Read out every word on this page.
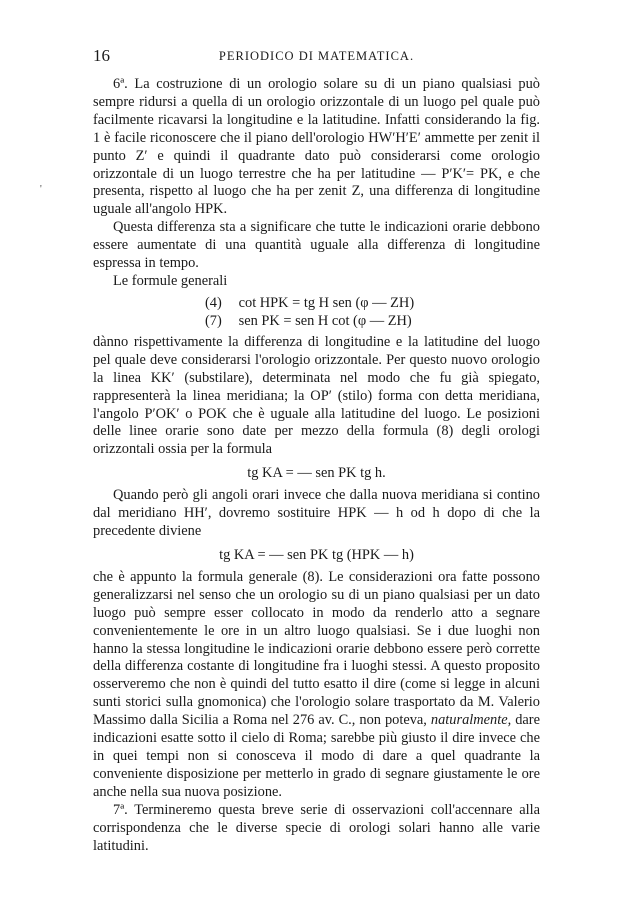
16	PERIODICO DI MATEMATICA.
'

6ª. La costruzione di un orologio solare su di un piano qualsiasi può sempre ridursi a quella di un orologio orizzontale di un luogo pel quale può facilmente ricavarsi la longitudine e la latitudine. Infatti considerando la fig. 1 è facile riconoscere che il piano dell'orologio HW′H′E′ ammette per zenit il punto Z′ e quindi il quadrante dato può considerarsi come orologio orizzontale di un luogo terrestre che ha per latitudine — P′K′= PK, e che presenta, rispetto al luogo che ha per zenit Z, una differenza di longitudine uguale all'angolo HPK.

Questa differenza sta a significare che tutte le indicazioni orarie debbono essere aumentate di una quantità uguale alla differenza di longitudine espressa in tempo.

Le formule generali

(4) cot HPK = tg H sen (φ — ZH)
(7) sen PK = sen H cot (φ — ZH)

dànno rispettivamente la differenza di longitudine e la latitudine del luogo pel quale deve considerarsi l'orologio orizzontale. Per questo nuovo orologio la linea KK′ (substilare), determinata nel modo che fu già spiegato, rappresenterà la linea meridiana; la OP′ (stilo) forma con detta meridiana, l'angolo P′OK′ o POK che è uguale alla latitudine del luogo. Le posizioni delle linee orarie sono date per mezzo della formula (8) degli orologi orizzontali ossia per la formula

tg KA = — sen PK tg h.

Quando però gli angoli orari invece che dalla nuova meridiana si contino dal meridiano HH′, dovremo sostituire HPK — h od h dopo di che la precedente diviene

tg KA = — sen PK tg (HPK — h)

che è appunto la formula generale (8). Le considerazioni ora fatte possono generalizzarsi nel senso che un orologio su di un piano qualsiasi per un dato luogo può sempre esser collocato in modo da renderlo atto a segnare convenientemente le ore in un altro luogo qualsiasi. Se i due luoghi non hanno la stessa longitudine le indicazioni orarie debbono essere però corrette della differenza costante di longitudine fra i luoghi stessi. A questo proposito osserveremo che non è quindi del tutto esatto il dire (come si legge in alcuni sunti storici sulla gnomonica) che l'orologio solare trasportato da M. Valerio Massimo dalla Sicilia a Roma nel 276 av. C., non poteva, naturalmente, dare indicazioni esatte sotto il cielo di Roma; sarebbe più giusto il dire invece che in quei tempi non si conosceva il modo di dare a quel quadrante la conveniente disposizione per metterlo in grado di segnare giustamente le ore anche nella sua nuova posizione.

7ª. Termineremo questa breve serie di osservazioni coll'accennare alla corrispondenza che le diverse specie di orologi solari hanno alle varie latitudini.
